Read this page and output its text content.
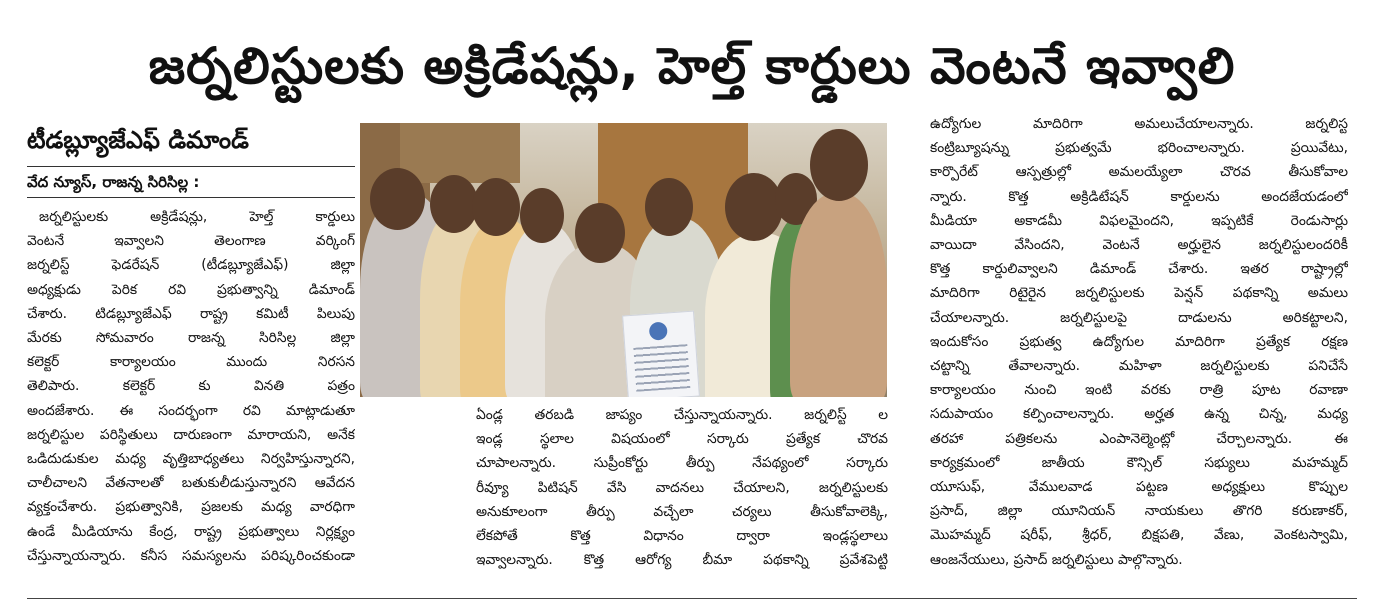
జర్నలిస్టులకు అక్రిడేషన్లు, హెల్త్ కార్డులు వెంటనే ఇవ్వాలి
టీడబ్ల్యూజేఎఫ్ డిమాండ్
వేద న్యూస్, రాజన్న సిరిసిల్ల :
జర్నలిస్టులకు అక్రిడేషన్లు, హెల్త్ కార్డులు
వెంటనే ఇవ్వాలని తెలంగాణ వర్కింగ్
జర్నలిస్ట్ ఫెడరేషన్ (టీడబ్ల్యూజేఎఫ్) జిల్లా
అధ్యక్షుడు పెరిక రవి ప్రభుత్వాన్ని డిమాండ్
చేశారు. టిడబ్ల్యూజేఎఫ్ రాష్ట్ర కమిటీ పిలుపు
మేరకు సోమవారం రాజన్న సిరిసిల్ల జిల్లా
కలెక్టర్ కార్యాలయం ముందు నిరసన
తెలిపారు. కలెక్టర్ కు వినతి పత్రం
అందజేశారు. ఈ సందర్భంగా రవి మాట్లాడుతూ
జర్నలిస్టుల పరిస్థితులు దారుణంగా మారాయని, అనేక
ఒడిదుడుకుల మధ్య వృత్తిబాధ్యతలు నిర్వహిస్తున్నారని,
చాలీచాలని వేతనాలతో బతుకులీడుస్తున్నారని ఆవేదన
వ్యక్తంచేశారు. ప్రభుత్వానికి, ప్రజలకు మధ్య వారధిగా
ఉండే మీడియాను కేంద్ర, రాష్ట్ర ప్రభుత్వాలు నిర్లక్ష్యం
చేస్తున్నాయన్నారు. కనీస సమస్యలను పరిష్కరించకుండా
ఏండ్ల తరబడి జాప్యం చేస్తున్నాయన్నారు. జర్నలిస్ట్ ల
ఇండ్ల స్థలాల విషయంలో సర్కారు ప్రత్యేక చొరవ
చూపాలన్నారు. సుప్రీంకోర్టు తీర్పు నేపథ్యంలో సర్కారు
రీవ్యూ పిటిషన్ వేసి వాదనలు చేయాలని, జర్నలిస్టులకు
అనుకూలంగా తీర్పు వచ్చేలా చర్యలు తీసుకోవాలెక్కి,
లేకపోతే కొత్త విధానం ద్వారా ఇండ్లస్థలాలు
ఇవ్వాలన్నారు. కొత్త ఆరోగ్య బీమా పథకాన్ని ప్రవేశపెట్టి
ఉద్యోగుల మాదిరిగా అమలుచేయాలన్నారు. జర్నలిస్ట
కంట్రిబ్యూషన్ను ప్రభుత్వమే భరించాలన్నారు. ప్రయివేటు,
కార్పొరేట్ ఆస్పత్రుల్లో అమలయ్యేలా చొరవ తీసుకోవాల
న్నారు. కొత్త అక్రిడిటేషన్ కార్డులను అందజేయడంలో
మీడియా అకాడమీ విఫలమైందని, ఇప్పటికే రెండుసార్లు
వాయిదా వేసిందని, వెంటనే అర్హులైన జర్నలిస్టులందరికీ
కొత్త కార్డులివ్వాలని డిమాండ్ చేశారు. ఇతర రాష్ట్రాల్లో
మాదిరిగా రిటైరైన జర్నలిస్టులకు పెన్షన్ పథకాన్ని అమలు
చేయాలన్నారు. జర్నలిస్టులపై దాడులను అరికట్టాలని,
ఇందుకోసం ప్రభుత్వ ఉద్యోగుల మాదిరిగా ప్రత్యేక రక్షణ
చట్టాన్ని తేవాలన్నారు. మహిళా జర్నలిస్టులకు పనిచేసే
కార్యాలయం నుంచి ఇంటి వరకు రాత్రి పూట రవాణా
సదుపాయం కల్పించాలన్నారు. అర్హత ఉన్న చిన్న, మధ్య
తరహా పత్రికలను ఎంపానెల్మెంట్లో చేర్చాలన్నారు. ఈ
కార్యక్రమంలో జాతీయ కౌన్సిల్ సభ్యులు మహమ్మద్
యూసుఫ్, వేములవాడ పట్టణ అధ్యక్షులు కొప్పుల
ప్రసాద్, జిల్లా యూనియన్ నాయకులు తొగరి కరుణాకర్,
మొహమ్మద్ షరీఫ్, శ్రీధర్, బిక్షపతి, వేణు, వెంకటస్వామి,
ఆంజనేయులు, ప్రసాద్ జర్నలిస్టులు పాల్గొన్నారు.
